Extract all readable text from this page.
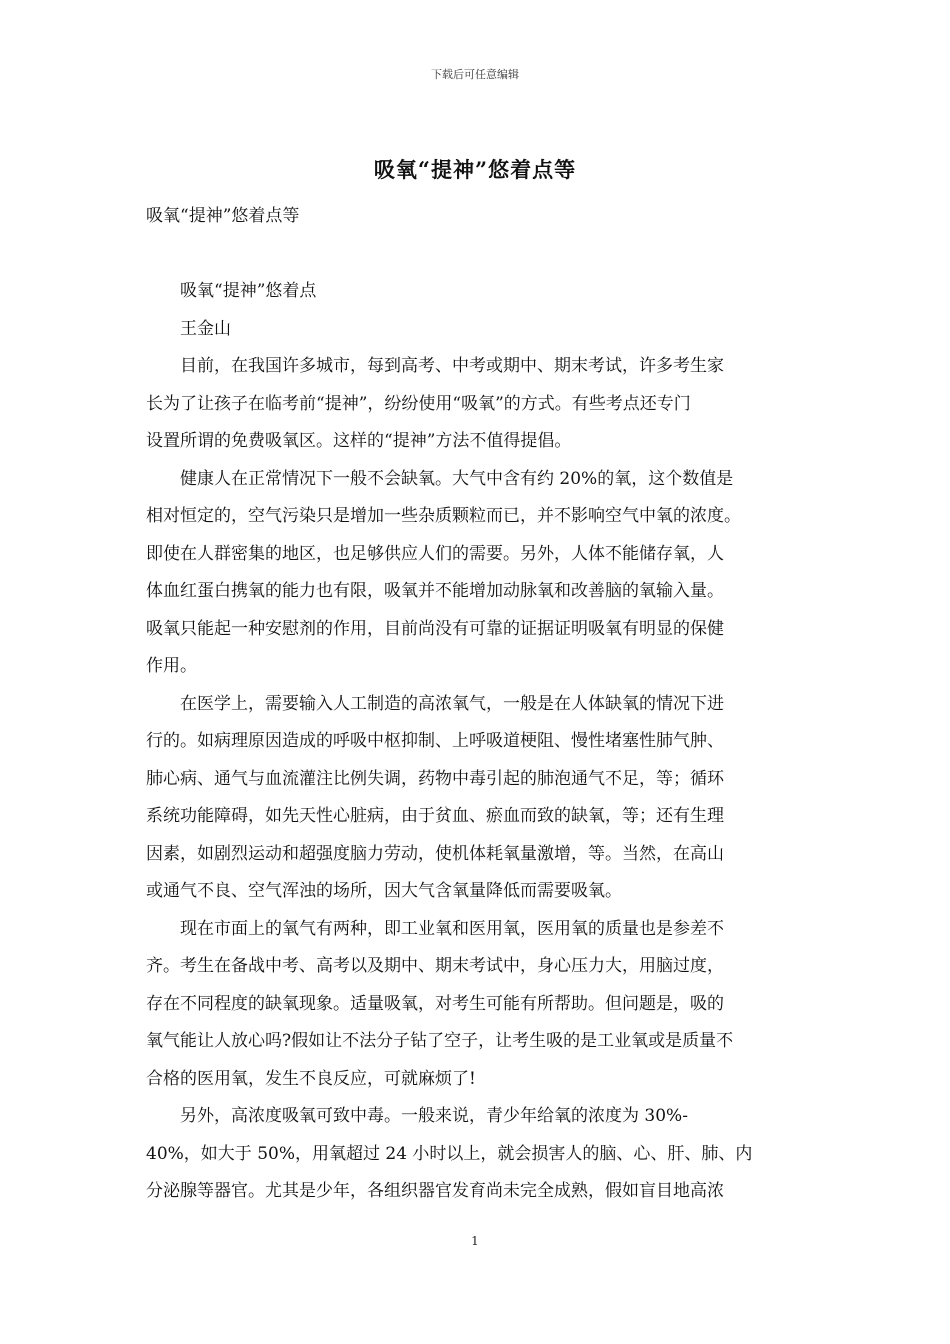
下载后可任意编辑
吸氧“提神”悠着点等

吸氧“提神”悠着点等

吸氧“提神”悠着点

王金山

目前，在我国许多城市，每到高考、中考或期中、期末考试，许多考生家

长为了让孩子在临考前“提神”，纷纷使用“吸氧”的方式。有些考点还专门

设置所谓的免费吸氧区。这样的“提神”方法不值得提倡。

健康人在正常情况下一般不会缺氧。大气中含有约 20%的氧，这个数值是

相对恒定的，空气污染只是增加一些杂质颗粒而已，并不影响空气中氧的浓度。

即使在人群密集的地区，也足够供应人们的需要。另外，人体不能储存氧，人

体血红蛋白携氧的能力也有限，吸氧并不能增加动脉氧和改善脑的氧输入量。

吸氧只能起一种安慰剂的作用，目前尚没有可靠的证据证明吸氧有明显的保健

作用。

在医学上，需要输入人工制造的高浓氧气，一般是在人体缺氧的情况下进

行的。如病理原因造成的呼吸中枢抑制、上呼吸道梗阻、慢性堵塞性肺气肿、

肺心病、通气与血流灌注比例失调，药物中毒引起的肺泡通气不足，等；循环

系统功能障碍，如先天性心脏病，由于贫血、瘀血而致的缺氧，等；还有生理

因素，如剧烈运动和超强度脑力劳动，使机体耗氧量激增，等。当然，在高山

或通气不良、空气浑浊的场所，因大气含氧量降低而需要吸氧。

现在市面上的氧气有两种，即工业氧和医用氧，医用氧的质量也是参差不

齐。考生在备战中考、高考以及期中、期末考试中，身心压力大，用脑过度，

存在不同程度的缺氧现象。适量吸氧，对考生可能有所帮助。但问题是，吸的

氧气能让人放心吗?假如让不法分子钻了空子，让考生吸的是工业氧或是质量不

合格的医用氧，发生不良反应，可就麻烦了!

另外，高浓度吸氧可致中毒。一般来说，青少年给氧的浓度为 30%-

40%，如大于 50%，用氧超过 24 小时以上，就会损害人的脑、心、肝、肺、内

分泌腺等器官。尤其是少年，各组织器官发育尚未完全成熟，假如盲目地高浓

1
